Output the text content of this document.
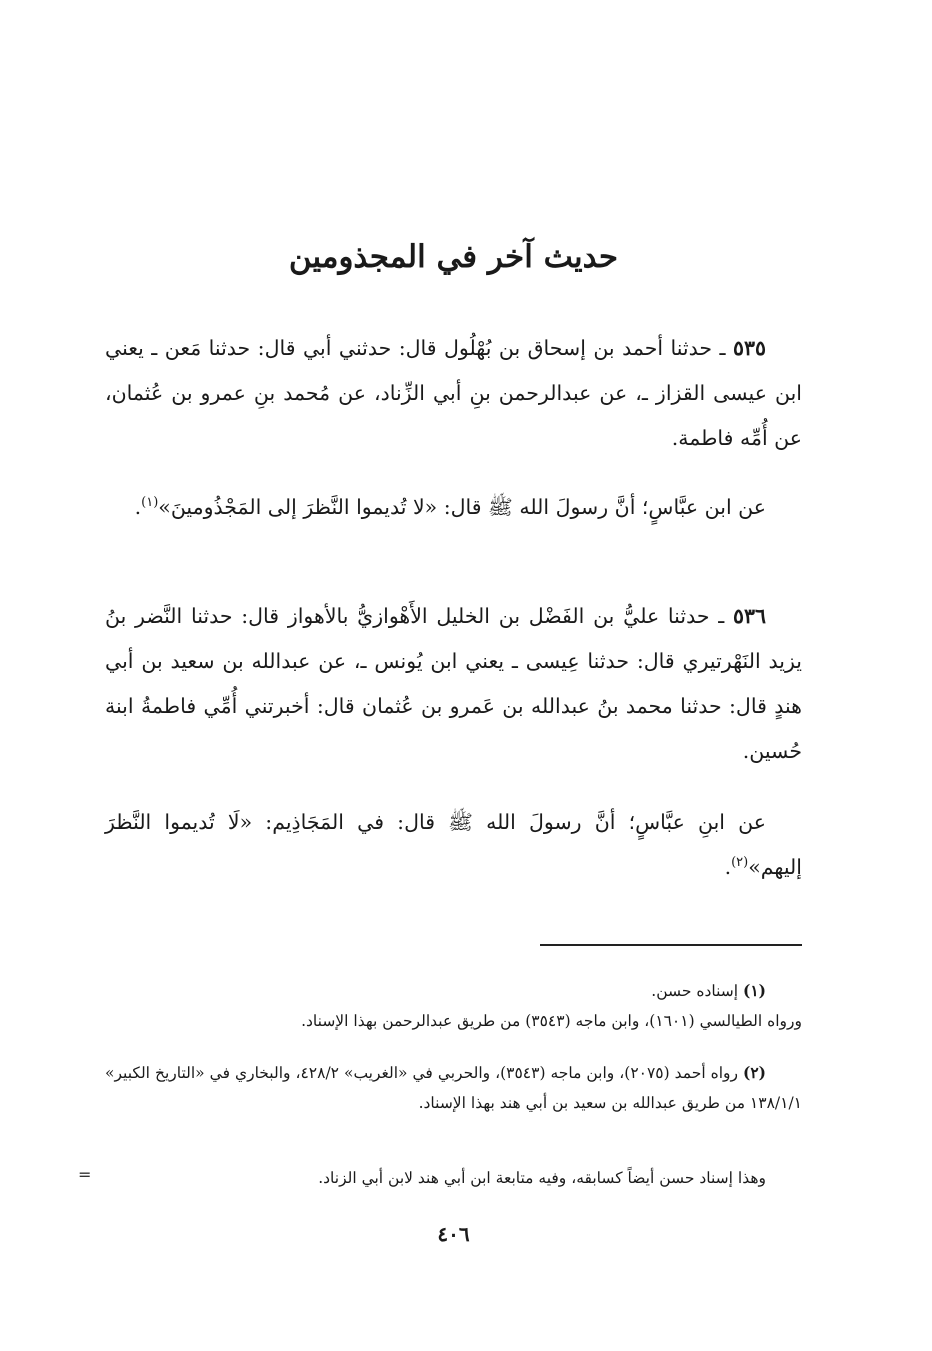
حديث آخر في المجذومين
٥٣٥ ـ حدثنا أحمد بن إسحاق بن بُهْلُول قال: حدثني أبي قال: حدثنا مَعن ـ يعني ابن عيسى القزاز ـ، عن عبدالرحمن بنِ أبي الزِّناد، عن مُحمد بنِ عمرو بن عُثمان، عن أُمِّه فاطمة.
عن ابن عبَّاسٍ؛ أنَّ رسولَ الله ﷺ قال: «لا تُديموا النَّظرَ إلى المَجْذُومينَ»$^{(١)}$.
٥٣٦ ـ حدثنا عليُّ بن الفَضْل بن الخليل الأَهْوازيُّ بالأهواز قال: حدثنا النَّضر بنُ يزيد النَهْرتيري قال: حدثنا عِيسى ـ يعني ابن يُونس ـ، عن عبدالله بن سعيد بن أبي هندٍ قال: حدثنا محمد بنُ عبدالله بن عَمرو بن عُثمان قال: أخبرتني أُمِّي فاطمةُ ابنة حُسين.
عن ابنِ عبَّاسٍ؛ أنَّ رسولَ الله ﷺ قال: في المَجَاذِيم: «لَا تُديموا النَّظرَ إليهم»$^{(٢)}$.
(١) إسناده حسن.
ورواه الطيالسي (١٦٠١)، وابن ماجه (٣٥٤٣) من طريق عبدالرحمن بهذا الإسناد.
(٢) رواه أحمد (٢٠٧٥)، وابن ماجه (٣٥٤٣)، والحربي في «الغريب» ٤٢٨/٢، والبخاري في «التاريخ الكبير» ١٣٨/١/١ من طريق عبدالله بن سعيد بن أبي هند بهذا الإسناد.
وهذا إسناد حسن أيضاً كسابقه، وفيه متابعة ابن أبي هند لابن أبي الزناد.
٤٠٦
=
